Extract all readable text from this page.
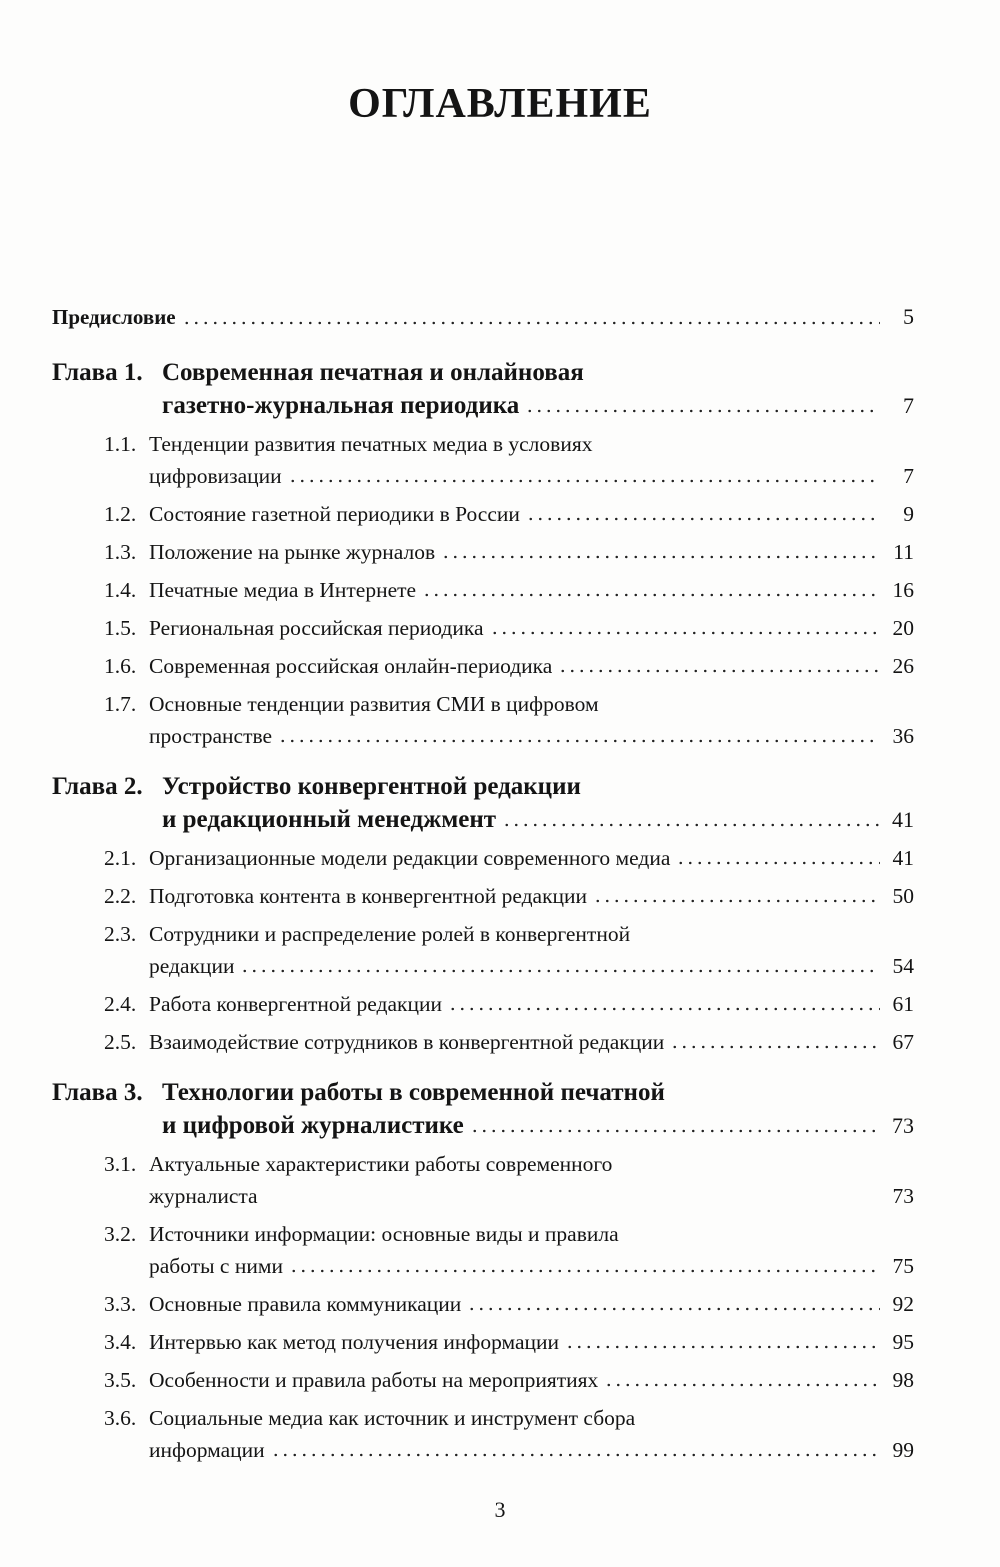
ОГЛАВЛЕНИЕ
Предисловие	5
Глава 1. Современная печатная и онлайновая
газетно-журнальная периодика	7
1.1. Тенденции развития печатных медиа в условиях
цифровизации	7
1.2. Состояние газетной периодики в России	9
1.3. Положение на рынке журналов	11
1.4. Печатные медиа в Интернете	16
1.5. Региональная российская периодика	20
1.6. Современная российская онлайн-периодика	26
1.7. Основные тенденции развития СМИ в цифровом
пространстве	36
Глава 2. Устройство конвергентной редакции
и редакционный менеджмент	41
2.1. Организационные модели редакции современного медиа	41
2.2. Подготовка контента в конвергентной редакции	50
2.3. Сотрудники и распределение ролей в конвергентной
редакции	54
2.4. Работа конвергентной редакции	61
2.5. Взаимодействие сотрудников в конвергентной редакции	67
Глава 3. Технологии работы в современной печатной
и цифровой журналистике	73
3.1. Актуальные характеристики работы современного
журналиста	73
3.2. Источники информации: основные виды и правила
работы с ними	75
3.3. Основные правила коммуникации	92
3.4. Интервью как метод получения информации	95
3.5. Особенности и правила работы на мероприятиях	98
3.6. Социальные медиа как источник и инструмент сбора
информации	99

3
